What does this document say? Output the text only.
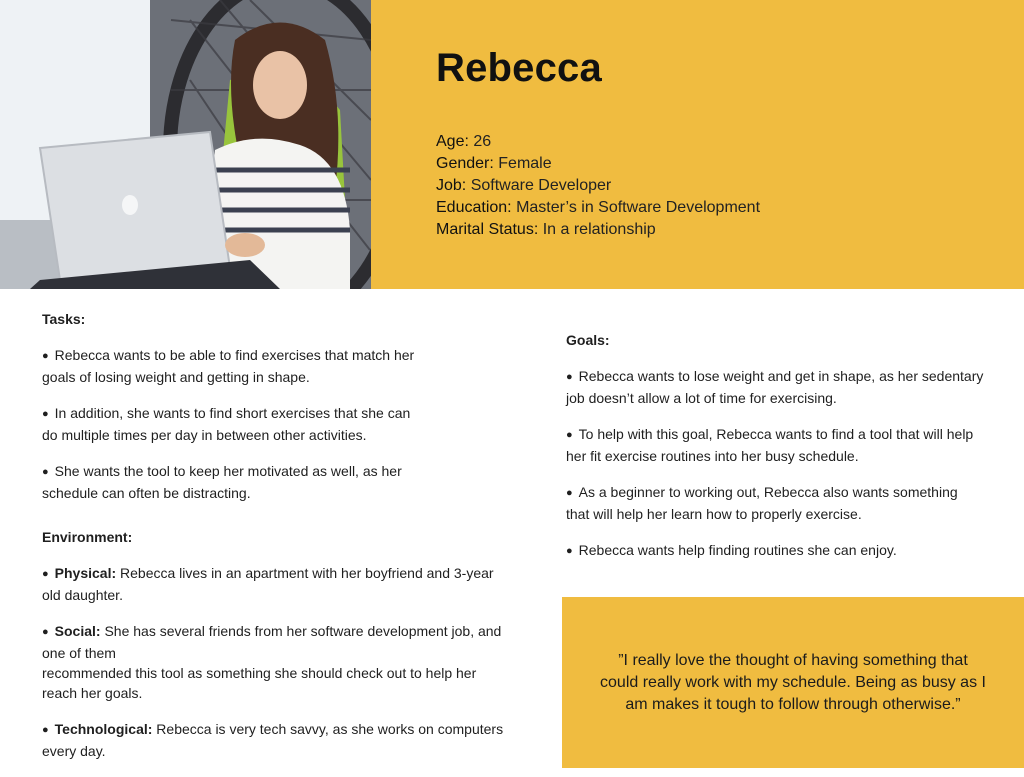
Rebecca
Age: 26
Gender: Female
Job: Software Developer
Education: Master’s in Software Development
Marital Status: In a relationship
Tasks:
● Rebecca wants to be able to find exercises that match her
goals of losing weight and getting in shape.
● In addition, she wants to find short exercises that she can
do multiple times per day in between other activities.
● She wants the tool to keep her motivated as well, as her
schedule can often be distracting.
Environment:
● Physical: Rebecca lives in an apartment with her boyfriend and 3-year
old daughter.
● Social: She has several friends from her software development job, and
one of them
recommended this tool as something she should check out to help her
reach her goals.
● Technological: Rebecca is very tech savvy, as she works on computers
every day.
Goals:
● Rebecca wants to lose weight and get in shape, as her sedentary
job doesn’t allow a lot of time for exercising.
● To help with this goal, Rebecca wants to find a tool that will help
her fit exercise routines into her busy schedule.
● As a beginner to working out, Rebecca also wants something
that will help her learn how to properly exercise.
● Rebecca wants help finding routines she can enjoy.

”I really love the thought of having something that
could really work with my schedule. Being as busy as I
am makes it tough to follow through otherwise.”
